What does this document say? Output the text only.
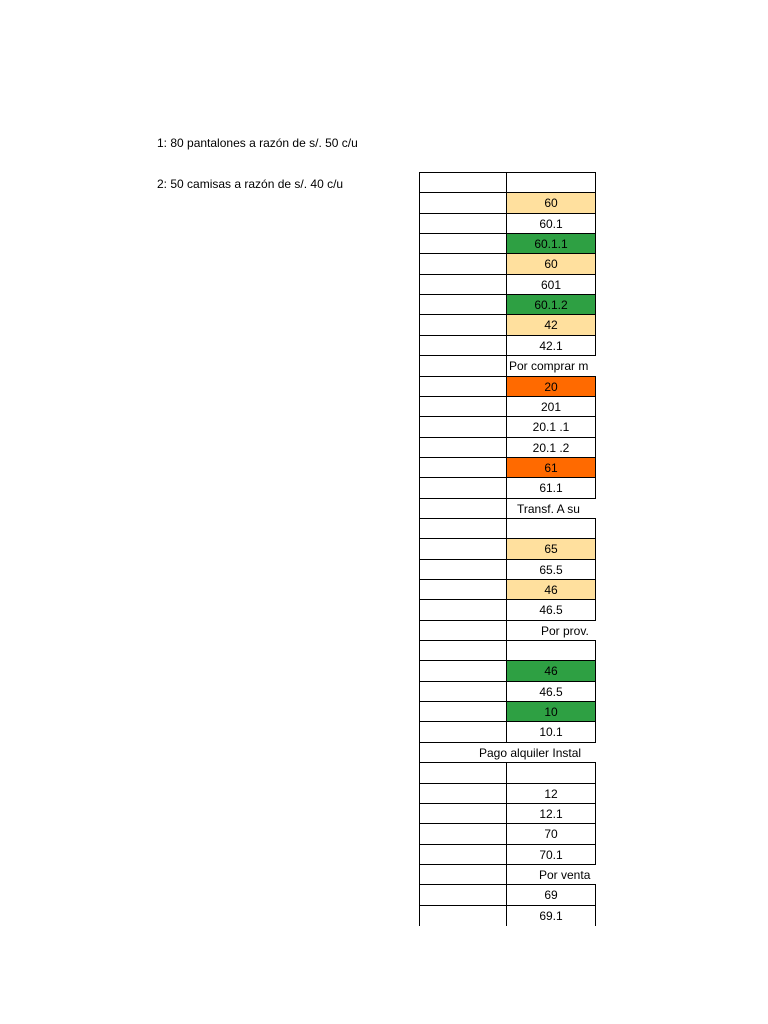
1: 80 pantalones a razón de s/. 50 c/u
2: 50 camisas a razón de s/. 40 c/u
60
60.1
60.1.1
60
601
60.1.2
42
42.1
Por comprar m
20
201
20.1 .1
20.1 .2
61
61.1
Transf. A su
65
65.5
46
46.5
Por prov.
46
46.5
10
10.1
Pago alquiler Instal
12
12.1
70
70.1
Por venta
69
69.1
